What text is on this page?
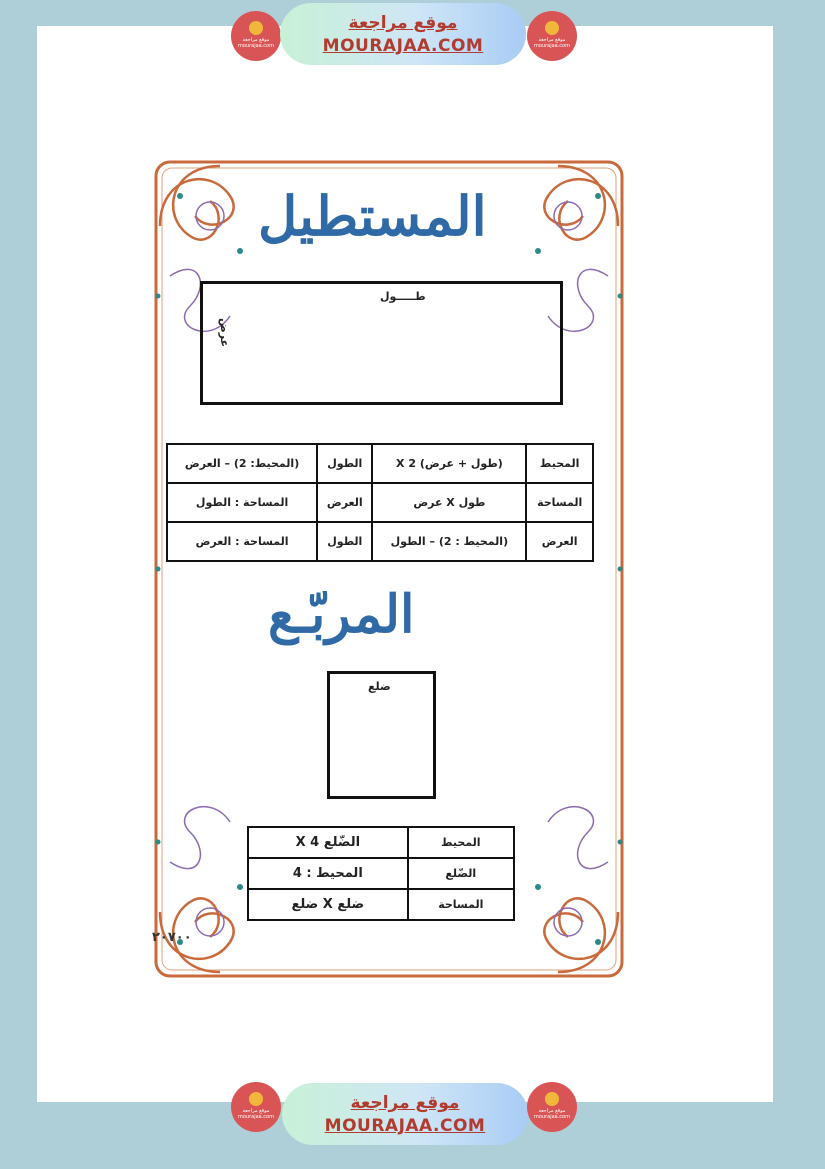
موقع مراجعة mourajaa.com
موقع مراجعة
MOURAJAA.COM	موقع مراجعة mourajaa.com
المستطيل
طـــــول
عرض
المحيط	(طول + عرض) X 2	الطول	(المحيط: 2) – العرض
المساحة	طول X عرض	العرض	المساحة : الطول
العرض	(المحيط : 2) – الطول	الطول	المساحة : العرض
المربّـع
ضلع
المحيط	الضّلع X 4
الضّلع	المحيط : 4
المساحة	ضلع X ضلع
٢٠٧٠٠
موقع مراجعة mourajaa.com
موقع مراجعة
MOURAJAA.COM
موقع مراجعة mourajaa.com
